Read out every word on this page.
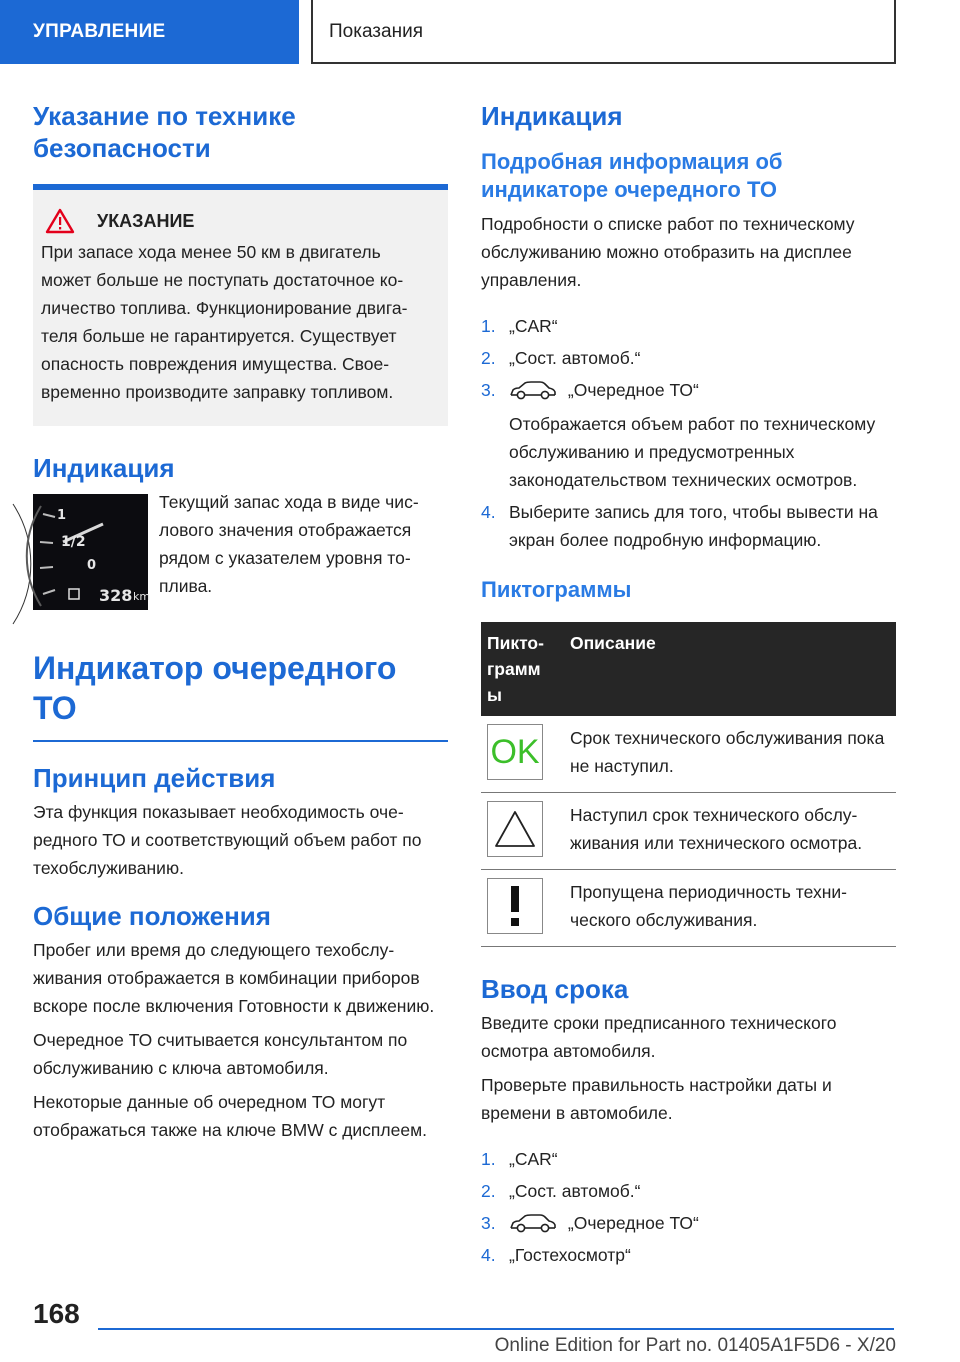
УПРАВЛЕНИЕ	Показания
Указание по технике безопасности
УКАЗАНИЕ

При запасе хода менее 50 км в двигатель может больше не поступать достаточное количество топлива. Функционирование двигателя больше не гарантируется. Существует опасность повреждения имущества. Своевременно производите заправку топливом.

Индикация
1
1/2
0
328 km

Текущий запас хода в виде числового значения отображается рядом с указателем уровня топлива.

Индикатор очередного ТО
Принцип действия

Эта функция показывает необходимость очередного ТО и соответствующий объем работ по техобслуживанию.

Общие положения

Пробег или время до следующего техобслуживания отображается в комбинации приборов вскоре после включения Готовности к движению.

Очередное ТО считывается консультантом по обслуживанию с ключа автомобиля.

Некоторые данные об очередном ТО могут отображаться также на ключе BMW с дисплеем.

Индикация
Подробная информация об индикаторе очередного ТО

Подробности о списке работ по техническому обслуживанию можно отобразить на дисплее управления.

1. „CAR“
2. „Сост. автомоб.“
3.	„Очередное ТО“
Отображается объем работ по техническому обслуживанию и предусмотренных законодательством технических осмотров.
4. Выберите запись для того, чтобы вывести на экран более подробную информацию.
Пиктограммы
Пиктограмм ы	Описание

OK	Срок технического обслуживания пока не наступил.

	Наступил срок технического обслуживания или технического осмотра.

	Пропущена периодичность технического обслуживания.
Ввод срока

Введите сроки предписанного технического осмотра автомобиля.

Проверьте правильность настройки даты и времени в автомобиле.

1. „CAR“
2. „Сост. автомоб.“
3.	„Очередное ТО“
4. „Гостехосмотр“
168
Online Edition for Part no. 01405A1F5D6 - X/20
